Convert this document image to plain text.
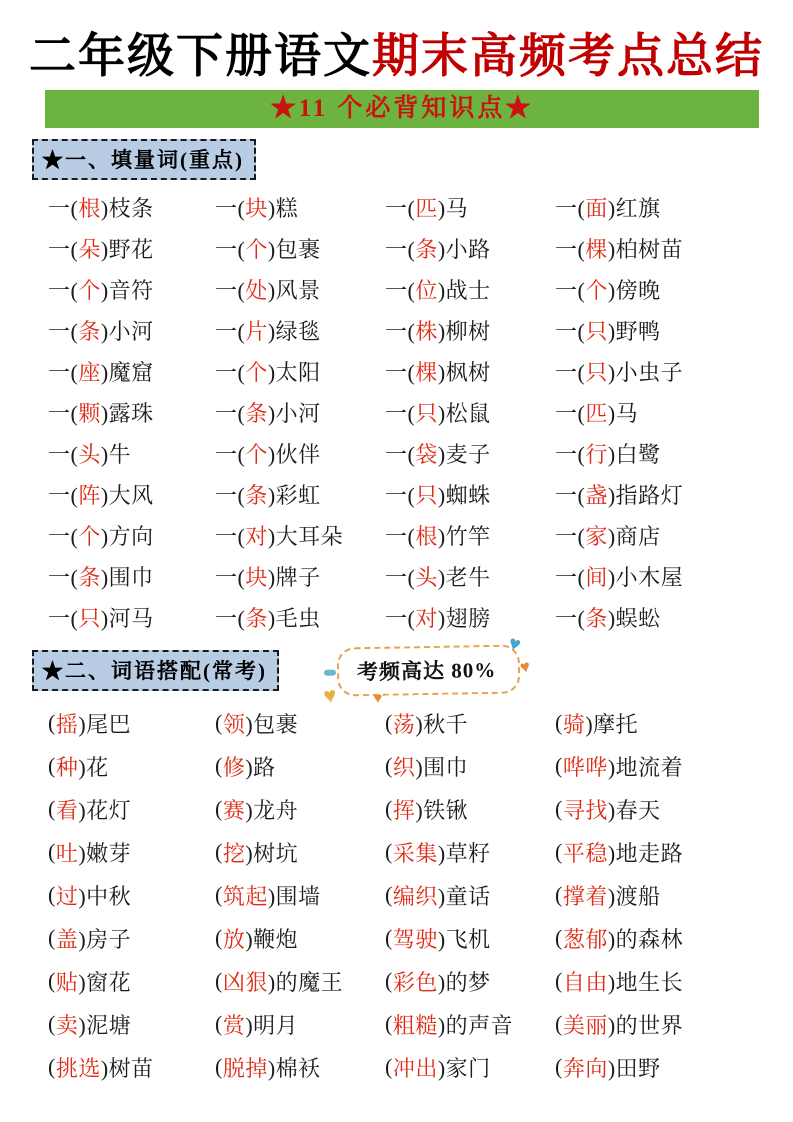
二年级下册语文期末高频考点总结
★11 个必背知识点★
★一、填量词(重点)
一( 根 )枝条	一( 块 )糕	一( 匹 )马	一( 面 )红旗
一( 朵 )野花	一( 个 )包裹	一( 条 )小路	一( 棵 )柏树苗
一( 个 )音符	一( 处 )风景	一( 位 )战士	一( 个 )傍晚
一( 条 )小河	一( 片 )绿毯	一( 株 )柳树	一( 只 )野鸭
一( 座 )魔窟	一( 个 )太阳	一( 棵 )枫树	一( 只 )小虫子
一( 颗 )露珠	一( 条 )小河	一( 只 )松鼠	一( 匹 )马
一( 头 )牛	一( 个 )伙伴	一( 袋 )麦子	一( 行 )白鹭
一( 阵 )大风	一( 条 )彩虹	一( 只 )蜘蛛	一( 盏 )指路灯
一( 个 )方向	一( 对 )大耳朵 一( 根 )竹竿	一( 家 )商店
一( 条 )围巾	一( 块 )牌子	一( 头 )老牛	一( 间 )小木屋
一( 只 )河马	一( 条 )毛虫	一( 对 )翅膀	一( 条 )蜈蚣
★二、词语搭配(常考)	考频高达 80%
♥
♥
♥ ♥
( 摇 )尾巴	( 领 )包裹	( 荡 )秋千	( 骑 )摩托
( 种 )花	( 修 )路	( 织 )围巾	( 哗哗 )地流着
( 看 )花灯	( 赛 )龙舟	( 挥 )铁锹	( 寻找 )春天
( 吐 )嫩芽	( 挖 )树坑	( 采集 )草籽	( 平稳 )地走路
( 过 )中秋	( 筑起 )围墙	( 编织 )童话	( 撑着 )渡船
( 盖 )房子	( 放 )鞭炮	( 驾驶 )飞机	( 葱郁 )的森林
( 贴 )窗花	( 凶狠 )的魔王 ( 彩色 )的梦	( 自由 )地生长
( 卖 )泥塘	( 赏 )明月	( 粗糙 )的声音 ( 美丽 )的世界
( 挑选 )树苗	( 脱掉 )棉袄	( 冲出 )家门	( 奔向 )田野
